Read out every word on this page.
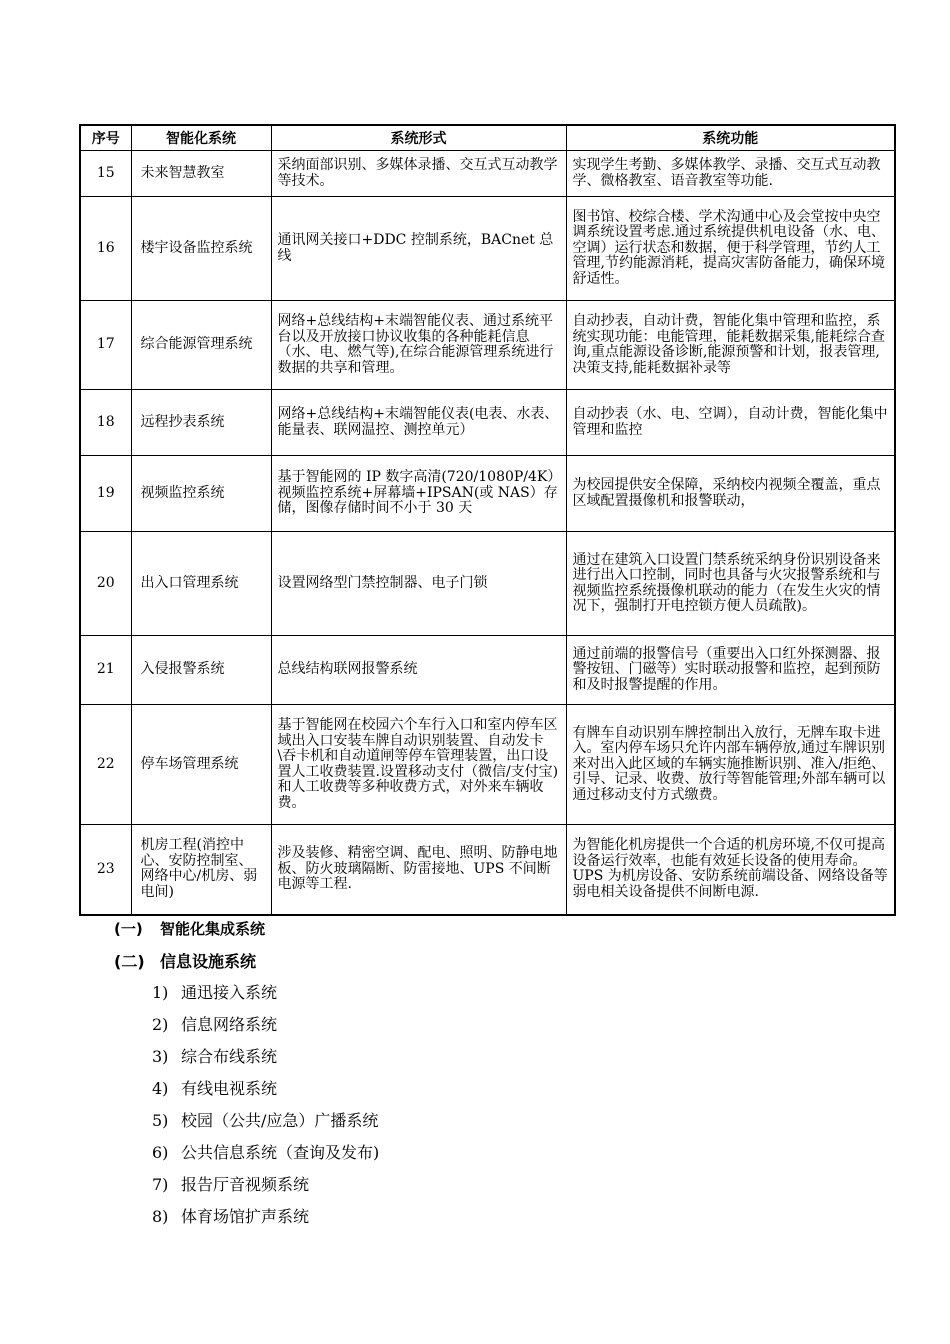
序号	智能化系统	系统形式	系统功能
15	未来智慧教室	采纳面部识别、多媒体录播、交互式互动教学等技术。	实现学生考勤、多媒体教学、录播、交互式互动教学、微格教室、语音教室等功能.
16	楼宇设备监控系统	通讯网关接口+DDC 控制系统，BACnet 总线	图书馆、校综合楼、学术沟通中心及会堂按中央空调系统设置考虑.通过系统提供机电设备（水、电、空调）运行状态和数据，便于科学管理，节约人工管理,节约能源消耗，提高灾害防备能力，确保环境舒适性。
17	综合能源管理系统	网络+总线结构+末端智能仪表、通过系统平台以及开放接口协议收集的各种能耗信息（水、电、燃气等),在综合能源管理系统进行数据的共享和管理。	自动抄表，自动计费，智能化集中管理和监控，系统实现功能：电能管理，能耗数据采集,能耗综合查询,重点能源设备诊断,能源预警和计划，报表管理,决策支持,能耗数据补录等
18	远程抄表系统	网络+总线结构+末端智能仪表(电表、水表、能量表、联网温控、测控单元）	自动抄表（水、电、空调），自动计费，智能化集中管理和监控
19	视频监控系统	基于智能网的 IP 数字高清(720/1080P/4K）视频监控系统+屏幕墙+IPSAN(或 NAS）存储，图像存储时间不小于 30 天	为校园提供安全保障，采纳校内视频全覆盖，重点区域配置摄像机和报警联动，
20	出入口管理系统	设置网络型门禁控制器、电子门锁	通过在建筑入口设置门禁系统采纳身份识别设备来进行出入口控制，同时也具备与火灾报警系统和与视频监控系统摄像机联动的能力（在发生火灾的情况下，强制打开电控锁方便人员疏散)。
21	入侵报警系统	总线结构联网报警系统	通过前端的报警信号（重要出入口红外探测器、报警按钮、门磁等）实时联动报警和监控，起到预防和及时报警提醒的作用。
22	停车场管理系统	基于智能网在校园六个车行入口和室内停车区域出入口安装车牌自动识别装置、自动发卡\吞卡机和自动道闸等停车管理装置，出口设置人工收费装置.设置移动支付（微信/支付宝)和人工收费等多种收费方式，对外来车辆收费。	有牌车自动识别车牌控制出入放行，无牌车取卡进入。室内停车场只允许内部车辆停放,通过车牌识别来对出入此区域的车辆实施推断识别、准入/拒绝、引导、记录、收费、放行等智能管理;外部车辆可以通过移动支付方式缴费。
23	机房工程(消控中心、安防控制室、网络中心/机房、弱电间)	涉及装修、精密空调、配电、照明、防静电地板、防火玻璃隔断、防雷接地、UPS 不间断电源等工程.	为智能化机房提供一个合适的机房环境,不仅可提高设备运行效率，也能有效延长设备的使用寿命。
UPS 为机房设备、安防系统前端设备、网络设备等弱电相关设备提供不间断电源.
(一) 智能化集成系统
(二) 信息设施系统
1) 通迅接入系统
2) 信息网络系统
3) 综合布线系统
4) 有线电视系统
5) 校园（公共/应急）广播系统
6) 公共信息系统（查询及发布)
7) 报告厅音视频系统
8) 体育场馆扩声系统
